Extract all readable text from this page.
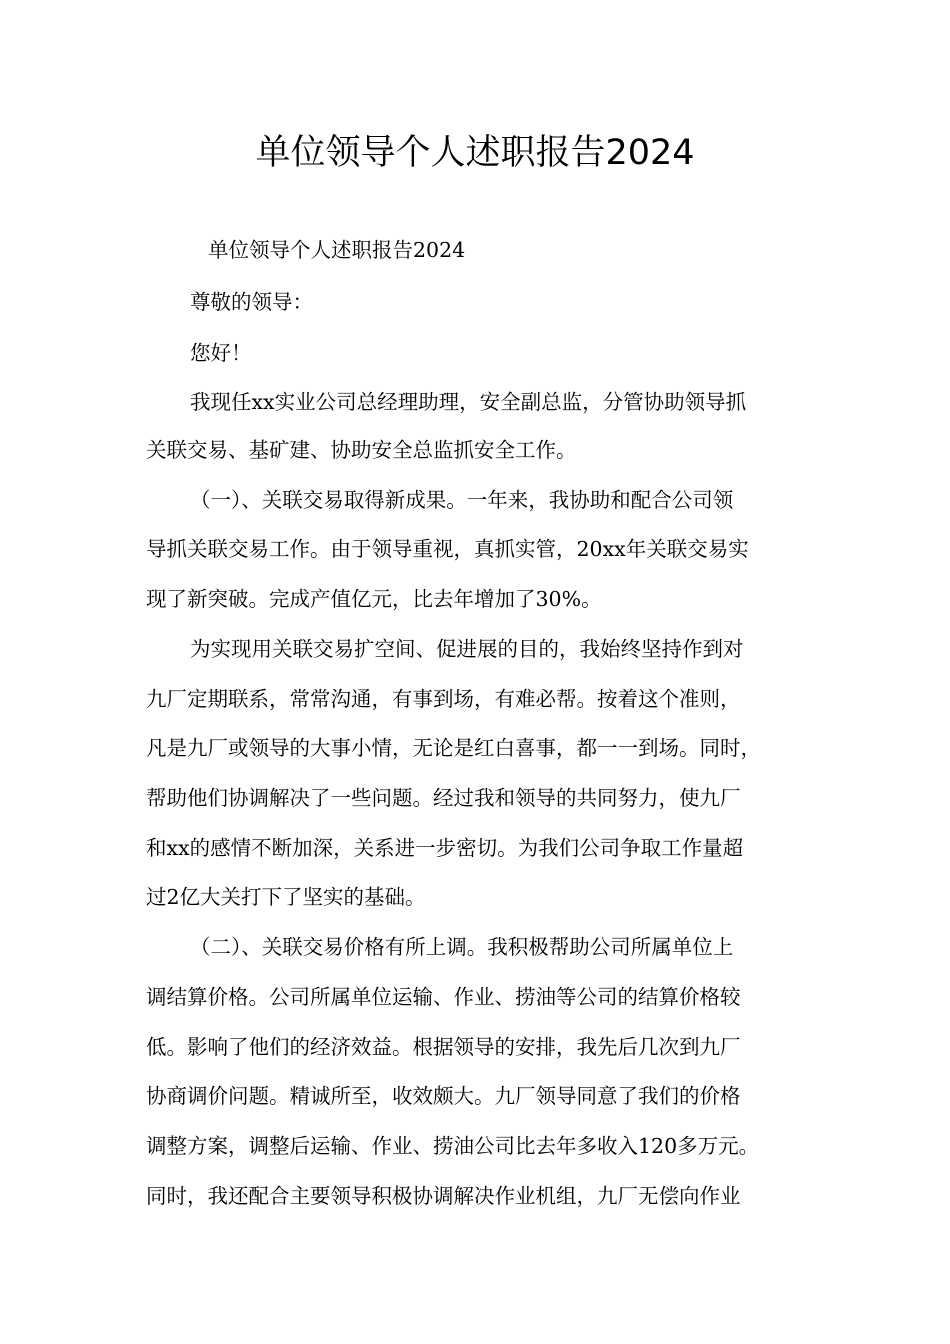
单位领导个人述职报告2024

单位领导个人述职报告2024

尊敬的领导：

您好！

我现任xx实业公司总经理助理，安全副总监，分管协助领导抓

关联交易、基矿建、协助安全总监抓安全工作。

（一）、关联交易取得新成果。一年来，我协助和配合公司领

导抓关联交易工作。由于领导重视，真抓实管，20xx年关联交易实

现了新突破。完成产值亿元，比去年增加了30%。

为实现用关联交易扩空间、促进展的目的，我始终坚持作到对

九厂定期联系，常常沟通，有事到场，有难必帮。按着这个准则，

凡是九厂或领导的大事小情，无论是红白喜事，都一一到场。同时，

帮助他们协调解决了一些问题。经过我和领导的共同努力，使九厂

和xx的感情不断加深，关系进一步密切。为我们公司争取工作量超

过2亿大关打下了坚实的基础。

（二）、关联交易价格有所上调。我积极帮助公司所属单位上

调结算价格。公司所属单位运输、作业、捞油等公司的结算价格较

低。影响了他们的经济效益。根据领导的安排，我先后几次到九厂

协商调价问题。精诚所至，收效颇大。九厂领导同意了我们的价格

调整方案，调整后运输、作业、捞油公司比去年多收入120多万元。

同时，我还配合主要领导积极协调解决作业机组，九厂无偿向作业
